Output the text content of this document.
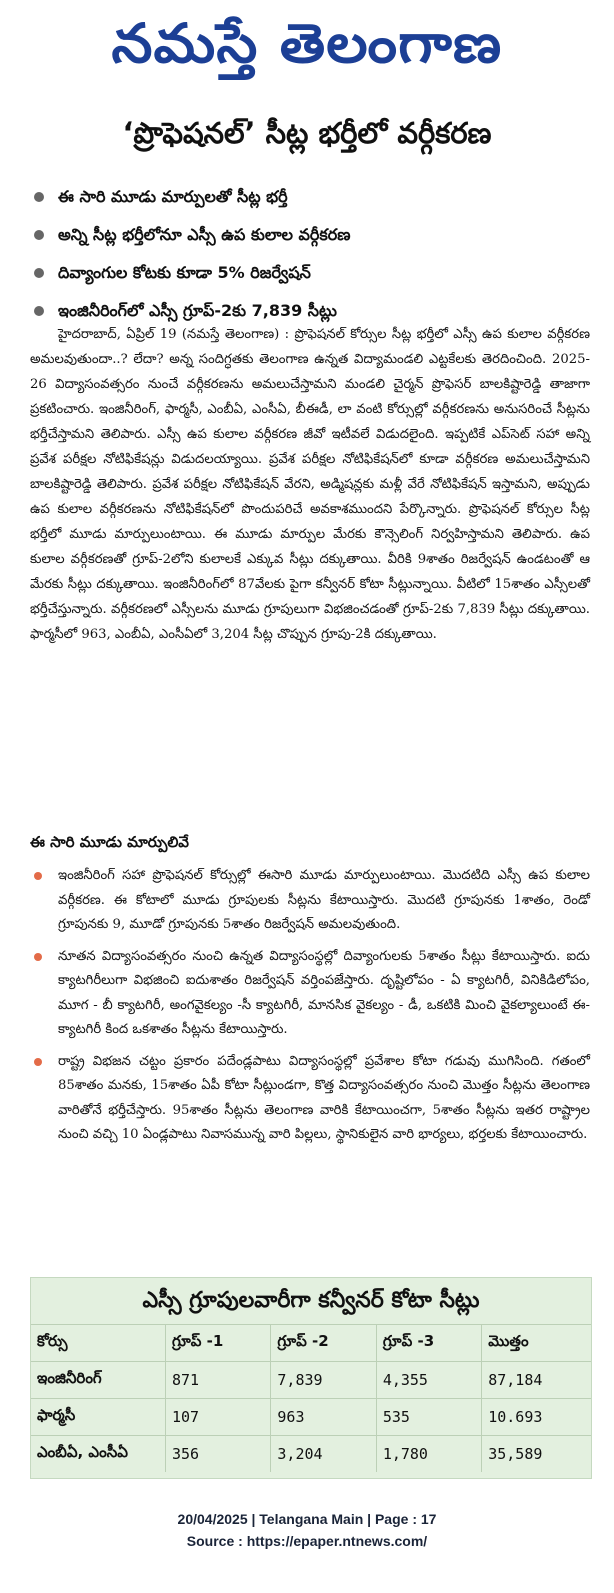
నమస్తే తెలంగాణ
‘ప్రొఫెషనల్’ సీట్ల భర్తీలో వర్గీకరణ
ఈ సారి మూడు మార్పులతో సీట్ల భర్తీ
అన్ని సీట్ల భర్తీలోనూ ఎస్సీ ఉప కులాల వర్గీకరణ
దివ్యాంగుల కోటకు కూడా 5% రిజర్వేషన్
ఇంజినీరింగ్‌లో ఎస్సీ గ్రూప్-2కు 7,839 సీట్లు

హైదరాబాద్, ఏప్రిల్ 19 (నమస్తే తెలంగాణ) : ప్రొఫెషనల్ కోర్సుల సీట్ల భర్తీలో ఎస్సీ ఉప కులాల వర్గీకరణ అమలవుతుందా..? లేదా? అన్న సందిగ్ధతకు తెలంగాణ ఉన్నత విద్యామండలి ఎట్టకేలకు తెరదించింది. 2025-26 విద్యాసంవత్సరం నుంచే వర్గీకరణను అమలుచేస్తామని మండలి చైర్మన్ ప్రొఫెసర్ బాలకిష్టారెడ్డి తాజాగా ప్రకటించారు. ఇంజినీరింగ్, ఫార్మసీ, ఎంబీఏ, ఎంసీఏ, బీఈడీ, లా వంటి కోర్సుల్లో వర్గీకరణను అనుసరించే సీట్లను భర్తీచేస్తామని తెలిపారు. ఎస్సీ ఉప కులాల వర్గీకరణ జీవో ఇటీవలే విడుదలైంది. ఇప్పటికే ఎప్‌సెట్ సహా అన్ని ప్రవేశ పరీక్షల నోటిఫికేషన్లు విడుదలయ్యాయి. ప్రవేశ పరీక్షల నోటిఫికేషన్‌లో కూడా వర్గీకరణ అమలుచేస్తామని బాలకిష్టారెడ్డి తెలిపారు. ప్రవేశ పరీక్షల నోటిఫికేషన్ వేరని, అడ్మిషన్లకు మళ్లీ వేరే నోటిఫికేషన్ ఇస్తామని, అప్పుడు ఉప కులాల వర్గీకరణను నోటిఫికేషన్‌లో పొందుపరిచే అవకాశముందని పేర్కొన్నారు. ప్రొఫెషనల్ కోర్సుల సీట్ల భర్తీలో మూడు మార్పులుంటాయి. ఈ మూడు మార్పుల మేరకు కౌన్సెలింగ్ నిర్వహిస్తామని తెలిపారు. ఉప కులాల వర్గీకరణతో గ్రూప్-2లోని కులాలకే ఎక్కువ సీట్లు దక్కుతాయి. వీరికి 9శాతం రిజర్వేషన్ ఉండటంతో ఆ మేరకు సీట్లు దక్కుతాయి. ఇంజినీరింగ్‌లో 87వేలకు పైగా కన్వీనర్ కోటా సీట్లున్నాయి. వీటిలో 15శాతం ఎస్సీలతో భర్తీచేస్తున్నారు. వర్గీకరణలో ఎస్సీలను మూడు గ్రూపులుగా విభజించడంతో గ్రూప్-2కు 7,839 సీట్లు దక్కుతాయి. ఫార్మసీలో 963, ఎంబీఏ, ఎంసీఏలో 3,204 సీట్ల చొప్పున గ్రూపు-2కి దక్కుతాయి.

ఈ సారి మూడు మార్పులివే
ఇంజినీరింగ్ సహా ప్రొఫెషనల్ కోర్సుల్లో ఈసారి మూడు మార్పులుంటాయి. మొదటిది ఎస్సీ ఉప కులాల వర్గీకరణ. ఈ కోటాలో మూడు గ్రూపులకు సీట్లను కేటాయిస్తారు. మొదటి గ్రూపునకు 1శాతం, రెండో గ్రూపునకు 9, మూడో గ్రూపునకు 5శాతం రిజర్వేషన్ అమలవుతుంది.
నూతన విద్యాసంవత్సరం నుంచి ఉన్నత విద్యాసంస్థల్లో దివ్యాంగులకు 5శాతం సీట్లు కేటాయిస్తారు. ఐదు క్యాటగిరీలుగా విభజించి ఐదుశాతం రిజర్వేషన్ వర్తింపజేస్తారు. దృష్టిలోపం - ఏ క్యాటగిరీ, వినికిడిలోపం, మూగ - బీ క్యాటగిరీ, అంగవైకల్యం -సీ క్యాటగిరీ, మానసిక వైకల్యం - డీ, ఒకటికి మించి వైకల్యాలుంటే ఈ-క్యాటగిరీ కింద ఒకశాతం సీట్లను కేటాయిస్తారు.
రాష్ట్ర విభజన చట్టం ప్రకారం పదేండ్లపాటు విద్యాసంస్థల్లో ప్రవేశాల కోటా గడువు ముగిసింది. గతంలో 85శాతం మనకు, 15శాతం ఏపీ కోటా సీట్లుండగా, కొత్త విద్యాసంవత్సరం నుంచి మొత్తం సీట్లను తెలంగాణ వారితోనే భర్తీచేస్తారు. 95శాతం సీట్లను తెలంగాణ వారికి కేటాయించగా, 5శాతం సీట్లను ఇతర రాష్ట్రాల నుంచి వచ్చి 10 ఏండ్లపాటు నివాసమున్న వారి పిల్లలు, స్థానికులైన వారి భార్యలు, భర్తలకు కేటాయించారు.
ఎస్సీ గ్రూపులవారీగా కన్వీనర్ కోటా సీట్లు
కోర్సు	గ్రూప్ -1	గ్రూప్ -2	గ్రూప్ -3	మొత్తం
ఇంజినీరింగ్	871	7,839	4,355	87,184
ఫార్మసీ	107	963	535	10.693
ఎంబీఏ, ఎంసీఏ	356	3,204	1,780	35,589
20/04/2025 | Telangana Main | Page : 17
Source : https://epaper.ntnews.com/
